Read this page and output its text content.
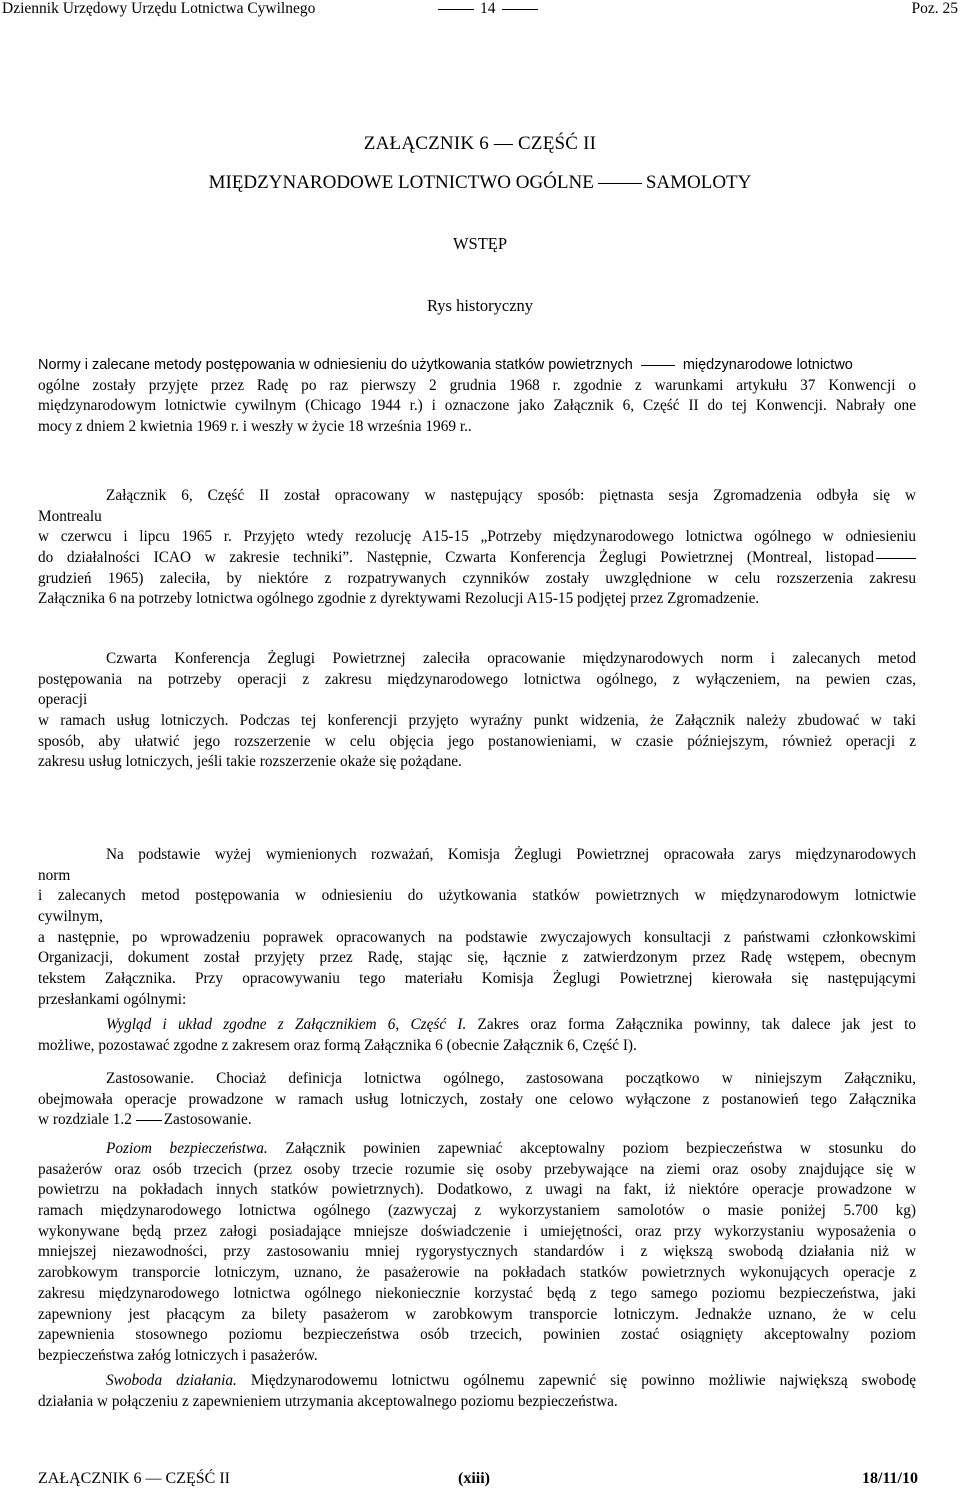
Dziennik Urzędowy Urzędu Lotnictwa Cywilnego	14	Poz. 25
ZAŁĄCZNIK 6 — CZĘŚĆ II
MIĘDZYNARODOWE LOTNICTWO OGÓLNE	SAMOLOTY
WSTĘP
Rys historyczny
Normy i zalecane metody postępowania w odniesieniu do użytkowania statków powietrznych	międzynarodowe lotnictwo
ogólne zostały przyjęte przez Radę po raz pierwszy 2 grudnia 1968 r. zgodnie z warunkami artykułu 37 Konwencji o
międzynarodowym lotnictwie cywilnym (Chicago 1944 r.) i oznaczone jako Załącznik 6, Część II do tej Konwencji. Nabrały one
mocy z dniem 2 kwietnia 1969 r. i weszły w życie 18 września 1969 r..
Załącznik 6, Część II został opracowany w następujący sposób: piętnasta sesja Zgromadzenia odbyła się w
Montrealu
w czerwcu i lipcu 1965 r. Przyjęto wtedy rezolucję A15-15 „Potrzeby międzynarodowego lotnictwa ogólnego w odniesieniu
do działalności ICAO w zakresie techniki”. Następnie, Czwarta Konferencja Żeglugi Powietrznej (Montreal, listopad
grudzień 1965) zaleciła, by niektóre z rozpatrywanych czynników zostały uwzględnione w celu rozszerzenia zakresu
Załącznika 6 na potrzeby lotnictwa ogólnego zgodnie z dyrektywami Rezolucji A15-15 podjętej przez Zgromadzenie.
Czwarta Konferencja Żeglugi Powietrznej zaleciła opracowanie międzynarodowych norm i zalecanych metod
postępowania na potrzeby operacji z zakresu międzynarodowego lotnictwa ogólnego, z wyłączeniem, na pewien czas,
operacji
w ramach usług lotniczych. Podczas tej konferencji przyjęto wyraźny punkt widzenia, że Załącznik należy zbudować w taki
sposób, aby ułatwić jego rozszerzenie w celu objęcia jego postanowieniami, w czasie późniejszym, również operacji z
zakresu usług lotniczych, jeśli takie rozszerzenie okaże się pożądane.
Na podstawie wyżej wymienionych rozważań, Komisja Żeglugi Powietrznej opracowała zarys międzynarodowych
norm
i zalecanych metod postępowania w odniesieniu do użytkowania statków powietrznych w międzynarodowym lotnictwie
cywilnym,
a następnie, po wprowadzeniu poprawek opracowanych na podstawie zwyczajowych konsultacji z państwami członkowskimi
Organizacji, dokument został przyjęty przez Radę, stając się, łącznie z zatwierdzonym przez Radę wstępem, obecnym
tekstem Załącznika. Przy opracowywaniu tego materiału Komisja Żeglugi Powietrznej kierowała się następującymi
przesłankami ogólnymi:
Wygląd i układ zgodne z Załącznikiem 6, Część I. Zakres oraz forma Załącznika powinny, tak dalece jak jest to
możliwe, pozostawać zgodne z zakresem oraz formą Załącznika 6 (obecnie Załącznik 6, Część I).
Zastosowanie. Chociaż definicja lotnictwa ogólnego, zastosowana początkowo w niniejszym Załączniku,
obejmowała operacje prowadzone w ramach usług lotniczych, zostały one celowo wyłączone z postanowień tego Załącznika
w rozdziale 1.2 Zastosowanie.
Poziom bezpieczeństwa. Załącznik powinien zapewniać akceptowalny poziom bezpieczeństwa w stosunku do
pasażerów oraz osób trzecich (przez osoby trzecie rozumie się osoby przebywające na ziemi oraz osoby znajdujące się w
powietrzu na pokładach innych statków powietrznych). Dodatkowo, z uwagi na fakt, iż niektóre operacje prowadzone w
ramach międzynarodowego lotnictwa ogólnego (zazwyczaj z wykorzystaniem samolotów o masie poniżej 5.700 kg)
wykonywane będą przez załogi posiadające mniejsze doświadczenie i umiejętności, oraz przy wykorzystaniu wyposażenia o
mniejszej niezawodności, przy zastosowaniu mniej rygorystycznych standardów i z większą swobodą działania niż w
zarobkowym transporcie lotniczym, uznano, że pasażerowie na pokładach statków powietrznych wykonujących operacje z
zakresu międzynarodowego lotnictwa ogólnego niekoniecznie korzystać będą z tego samego poziomu bezpieczeństwa, jaki
zapewniony jest płacącym za bilety pasażerom w zarobkowym transporcie lotniczym. Jednakże uznano, że w celu
zapewnienia stosownego poziomu bezpieczeństwa osób trzecich, powinien zostać osiągnięty akceptowalny poziom
bezpieczeństwa załóg lotniczych i pasażerów.
Swoboda działania. Międzynarodowemu lotnictwu ogólnemu zapewnić się powinno możliwie największą swobodę
działania w połączeniu z zapewnieniem utrzymania akceptowalnego poziomu bezpieczeństwa.
ZAŁĄCZNIK 6 — CZĘŚĆ II	(xiii)	18/11/10
